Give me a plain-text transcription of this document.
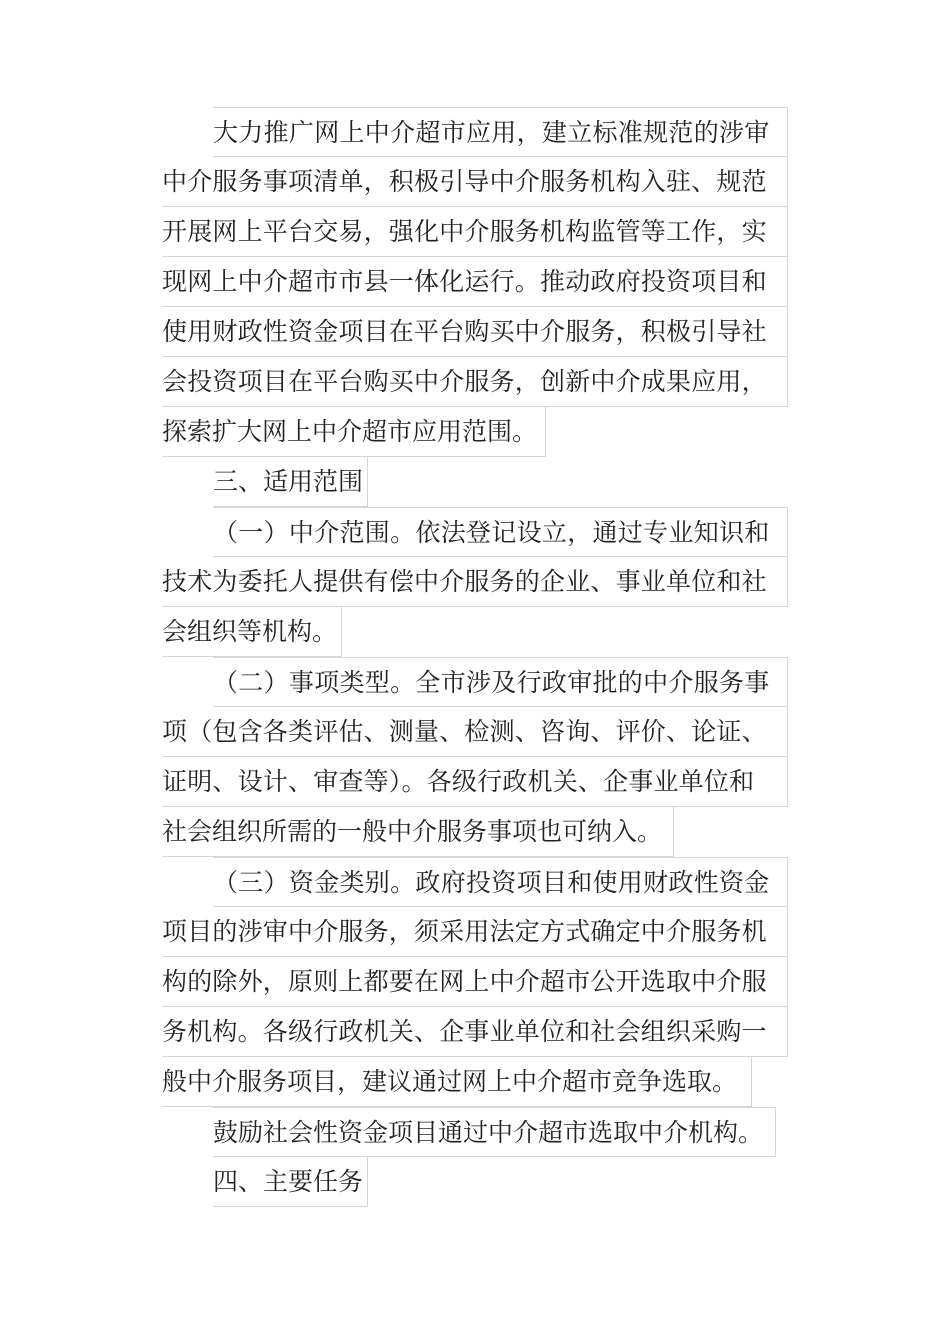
大力推广网上中介超市应用，建立标准规范的涉审
中介服务事项清单，积极引导中介服务机构入驻、规范
开展网上平台交易，强化中介服务机构监管等工作，实
现网上中介超市市县一体化运行。推动政府投资项目和
使用财政性资金项目在平台购买中介服务，积极引导社
会投资项目在平台购买中介服务，创新中介成果应用，
探索扩大网上中介超市应用范围。
三、适用范围
（一）中介范围。依法登记设立，通过专业知识和
技术为委托人提供有偿中介服务的企业、事业单位和社
会组织等机构。
（二）事项类型。全市涉及行政审批的中介服务事
项（包含各类评估、测量、检测、咨询、评价、论证、
证明、设计、审查等）。各级行政机关、企事业单位和
社会组织所需的一般中介服务事项也可纳入。
（三）资金类别。政府投资项目和使用财政性资金
项目的涉审中介服务，须采用法定方式确定中介服务机
构的除外，原则上都要在网上中介超市公开选取中介服
务机构。各级行政机关、企事业单位和社会组织采购一
般中介服务项目，建议通过网上中介超市竞争选取。
鼓励社会性资金项目通过中介超市选取中介机构。
四、主要任务
